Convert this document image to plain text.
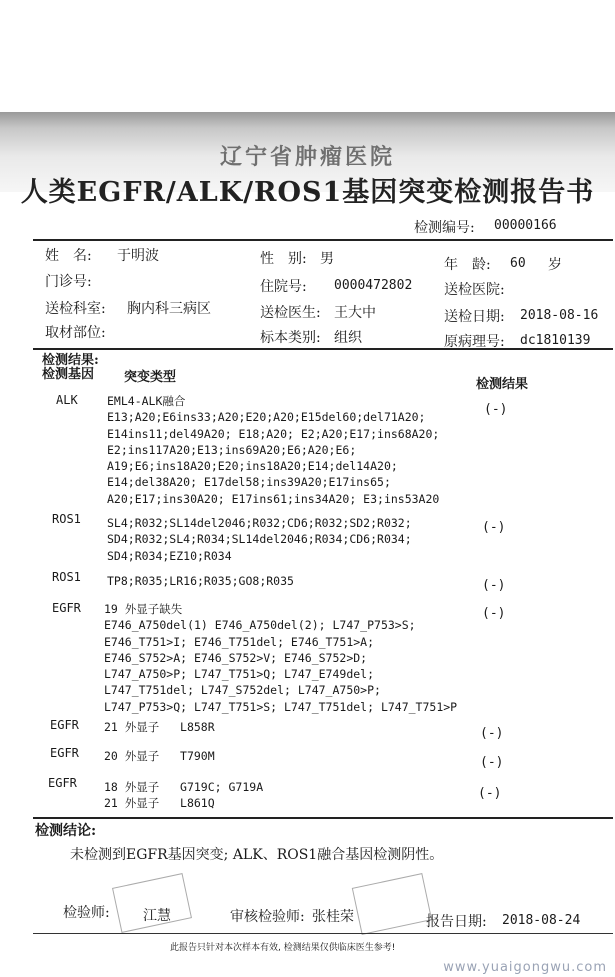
辽宁省肿瘤医院
人类EGFR/ALK/ROS1基因突变检测报告书
检测编号: 00000166
姓　名: 于明波	性　别: 男	年　龄: 60 岁
门诊号:	住院号: 0000472802 送检医院:
送检科室: 胸内科三病区	送检医生: 王大中	送检日期: 2018-08-16
取材部位:	标本类别: 组织	原病理号: dc1810139
检测结果:
检测基因 突变类型	检测结果
ALK	EML4-ALK融合
E13;A20;E6ins33;A20;E20;A20;E15del60;del71A20;
E14ins11;del49A20; E18;A20; E2;A20;E17;ins68A20;
E2;ins117A20;E13;ins69A20;E6;A20;E6;
A19;E6;ins18A20;E20;ins18A20;E14;del14A20;
E14;del38A20; E17del58;ins39A20;E17ins65;
A20;E17;ins30A20; E17ins61;ins34A20; E3;ins53A20
(-)
ROS1 SL4;R032;SL14del2046;R032;CD6;R032;SD2;R032;
SD4;R032;SL4;R034;SL14del2046;R034;CD6;R034;
SD4;R034;EZ10;R034
(-)
ROS1 TP8;R035;LR16;R035;GO8;R035	(-)
EGFR 19 外显子缺失
E746_A750del(1) E746_A750del(2); L747_P753>S;
E746_T751>I; E746_T751del; E746_T751>A;
E746_S752>A; E746_S752>V; E746_S752>D;
L747_A750>P; L747_T751>Q; L747_E749del;
L747_T751del; L747_S752del; L747_A750>P;
L747_P753>Q; L747_T751>S; L747_T751del; L747_T751>P
(-)
EGFR 21 外显子   L858R	(-)
EGFR 20 外显子   T790M	(-)
EGFR 18 外显子   G719C; G719A
21 外显子   L861Q
(-)
检测结论:
未检测到EGFR基因突变; ALK、ROS1融合基因检测阴性。
检验师: 江慧	审核检验师: 张桂荣	报告日期: 2018-08-24
此报告只针对本次样本有效, 检测结果仅供临床医生参考!
www.yuaigongwu.com
